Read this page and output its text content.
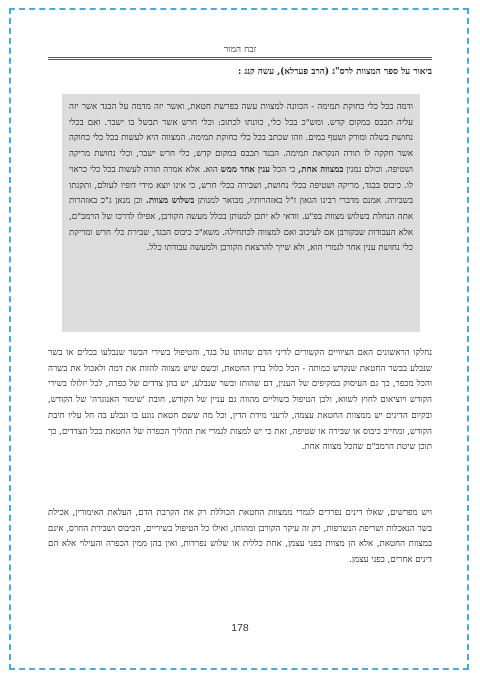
זבח המור
ביאור על ספר המצוות לרס"ג (הרב פערלא), עשה קנג :
ודמה בכל כלי כחוקת תמימה - הכוונה למצוות עשה בפרשת חטאת, ואשר יזה מדמה על הבגד אשר יזה עליה תכבס במקום קדש. ומש"כ בכל כלי, כוונתו לכתוב: וכלי חרש אשר תבשל בו ישבר. ואם בכלי נחושת בשלה ומורק ושטף במים. וזהו שכתב בכל כלי כחוקת תמימה. המצווה היא לעשות בכל כלי כחוקה אשר חקקה לו תורה הנקראת תמימה. הבגד תכבס במקום קדש, כלי חרש ישבר, וכלי נחושת מריקה ושטיפה. וכולם נמנין במצווה אחת, כי הכל ענין אחד ממש הוא. אלא אמרה תורה לעשות בכל כלי כראוי לו. כיבוס בבגד, מריקה ושטיפה בכלי נחושת, ושבירה בכלי חרש, כי אינו יוצא מידי דופיו לעולם, ותקנתו בשבירה. אמנם מדברי רבינו הגאון ז"ל באזהרותיו, מבואר למנותן בשלוש מצוות. וכן מנאן ג"כ באזהרות אתה הנחלת בשלוש מצוות בפ"ע. וודאי לא יתכן למנותן בכלל מעשה הקורבן, אפילו לדרכו של הרמב"ם, אלא העבודות שבקורבן אם לעיכוב ואם למצווה לכתחילה. משא"כ כיבוס הבגד, שבירת כלי חרש ומריקת כלי נחושת ענין אחר לגמרי הוא, ולא שייך להרצאת הקורבן ולמעשה עבודתו כלל.
נחלקו הראשונים האם הציוויים הקשורים לדיני הדם שהותז על בגד, והטיפול בשירי הבשר שנבלעו בכלים או בשר שנבלע בבשר החטאת שנקדש כמותה - הכל כלול בדין החטאת, וכשם שיש מצווה להזות את דמה ולאכול את בשרה והכל מכפר, כך גם העיסוק במקיפים של הענין, דם שהותז ובשר שנבלע, יש בהן צדדים של כפרה, לכל יזלזלו בשירי הקודש ויוציאום לחוץ לשווא, ולכן הטיפול בשוליים מהווה גם עניין של הקודש, חובת 'שימור האנוגרה' של הקודש, ובקיום הדינים יש ממצוות החטאת עצמה, לרעני מידת הדין, וכל מה ששם חטאת נוגע בו ונבלע בה חל עליו חיבת הקודש, ומחייב כיבוס או שבירה או שטיפה, זאת כי יש למצות לגמרי את תהליך הכפרה של החטאת בכל הצדדים, כך תוכן שיטת הרמב"ם שהכל מצווה אחת.
ויש מפרשים, שאלו דינים נפרדים לגמרי ממצוות החטאת הכוללת רק את הקרבת הדם, העלאת האימורין, אכילת בשר הנאכלות ושריפת הנשרפות, רק זה עיקר הקורבן ומהותו, ואילו כל הטיפול בשיריים, הכיבוס ושבירת החרס, אינם במצוות החטאת, אלא הן מצוות בפני עצמן, אחת כללית או שלוש נפרדות, ואין בהן ממין הכפרה והעילוי אלא הם דינים אחרים, בפני עצמן.
178
